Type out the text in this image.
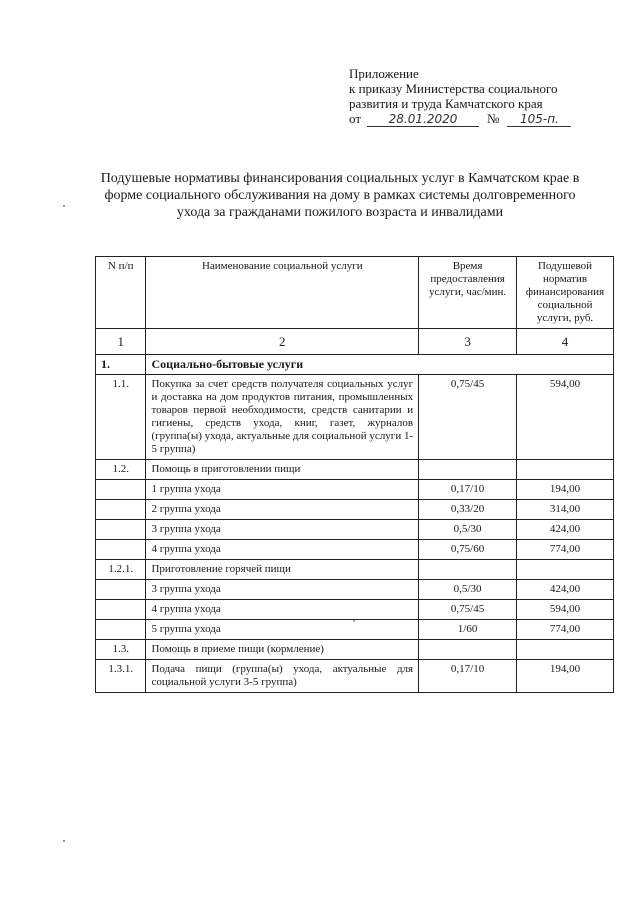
Приложение
к приказу Министерства социального
развития и труда Камчатского края
от 28.01.2020 № 105-п.
Подушевые нормативы финансирования социальных услуг в Камчатском крае в форме социального обслуживания на дому в рамках системы долговременного ухода за гражданами пожилого возраста и инвалидами
N п/п	Наименование социальной услуги	Время предоставления услуги, час/мин.	Подушевой норматив финансирования социальной услуги, руб.
1	2	3	4
1.	Социально-бытовые услуги		
1.1.	Покупка за счет средств получателя социальных услуг и доставка на дом продуктов питания, промышленных товаров первой необходимости, средств санитарии и гигиены, средств ухода, книг, газет, журналов (группа(ы) ухода, актуальные для социальной услуги 1-5 группа)	0,75/45	594,00
1.2.	Помощь в приготовлении пищи		
	1 группа ухода	0,17/10	194,00
	2 группа ухода	0,33/20	314,00
	3 группа ухода	0,5/30	424,00
	4 группа ухода	0,75/60	774,00
1.2.1.	Приготовление горячей пищи		
	3 группа ухода	0,5/30	424,00
	4 группа ухода	0,75/45	594,00
	5 группа ухода	1/60	774,00
1.3.	Помощь в приеме пищи (кормление)		
1.3.1.	Подача пищи (группа(ы) ухода, актуальные для социальной услуги 3-5 группа)	0,17/10	194,00
